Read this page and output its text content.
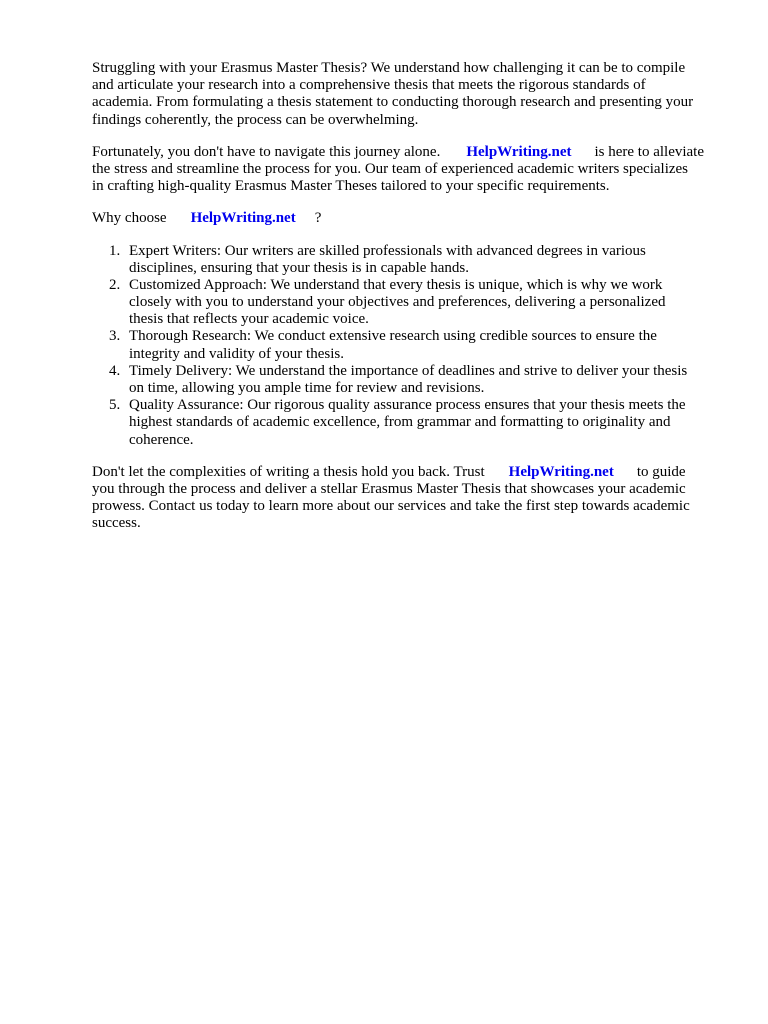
Struggling with your Erasmus Master Thesis? We understand how challenging it can be to compile
and articulate your research into a comprehensive thesis that meets the rigorous standards of
academia. From formulating a thesis statement to conducting thorough research and presenting your
findings coherently, the process can be overwhelming.
Fortunately, you don't have to navigate this journey alone. HelpWriting.net is here to alleviate
the stress and streamline the process for you. Our team of experienced academic writers specializes
in crafting high-quality Erasmus Master Theses tailored to your specific requirements.
Why choose HelpWriting.net ?
1. Expert Writers: Our writers are skilled professionals with advanced degrees in various
disciplines, ensuring that your thesis is in capable hands.
2. Customized Approach: We understand that every thesis is unique, which is why we work
closely with you to understand your objectives and preferences, delivering a personalized
thesis that reflects your academic voice.
3. Thorough Research: We conduct extensive research using credible sources to ensure the
integrity and validity of your thesis.
4. Timely Delivery: We understand the importance of deadlines and strive to deliver your thesis
on time, allowing you ample time for review and revisions.
5. Quality Assurance: Our rigorous quality assurance process ensures that your thesis meets the
highest standards of academic excellence, from grammar and formatting to originality and
coherence.
Don't let the complexities of writing a thesis hold you back. Trust HelpWriting.net to guide
you through the process and deliver a stellar Erasmus Master Thesis that showcases your academic
prowess. Contact us today to learn more about our services and take the first step towards academic
success.
